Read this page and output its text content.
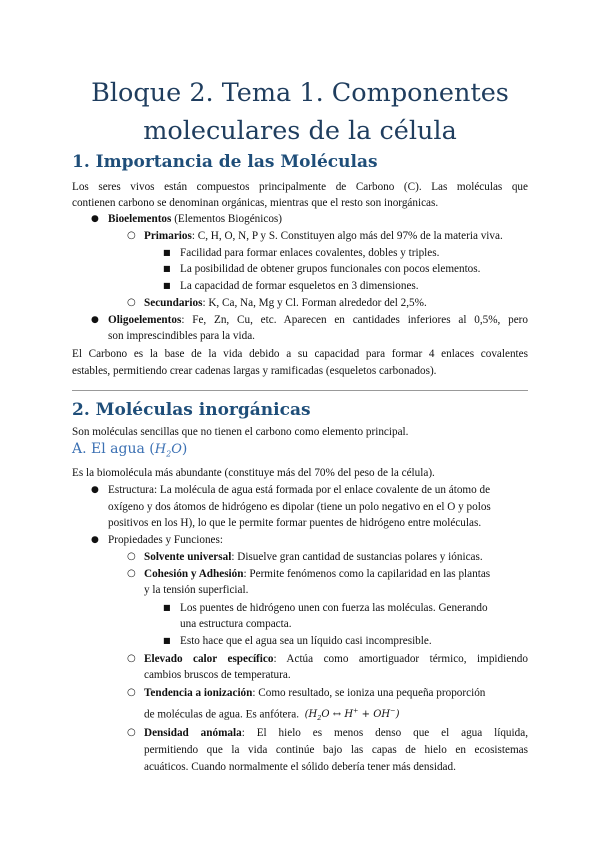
Bloque 2. Tema 1. Componentes
moleculares de la célula
1. Importancia de las Moléculas
Los seres vivos están compuestos principalmente de Carbono (C). Las moléculas que
contienen carbono se denominan orgánicas, mientras que el resto son inorgánicas.
● Bioelementos (Elementos Biogénicos)
○ Primarios: C, H, O, N, P y S. Constituyen algo más del 97% de la materia viva.
■ Facilidad para formar enlaces covalentes, dobles y triples.
■ La posibilidad de obtener grupos funcionales con pocos elementos.
■ La capacidad de formar esqueletos en 3 dimensiones.
○ Secundarios: K, Ca, Na, Mg y Cl. Forman alrededor del 2,5%.
● Oligoelementos: Fe, Zn, Cu, etc. Aparecen en cantidades inferiores al 0,5%, pero
son imprescindibles para la vida.
El Carbono es la base de la vida debido a su capacidad para formar 4 enlaces covalentes
estables, permitiendo crear cadenas largas y ramificadas (esqueletos carbonados).
2. Moléculas inorgánicas
Son moléculas sencillas que no tienen el carbono como elemento principal.
A. El agua $(H_2O)$
Es la biomolécula más abundante (constituye más del 70% del peso de la célula).
● Estructura: La molécula de agua está formada por el enlace covalente de un átomo de
oxígeno y dos átomos de hidrógeno es dipolar (tiene un polo negativo en el O y polos
positivos en los H), lo que le permite formar puentes de hidrógeno entre moléculas.
● Propiedades y Funciones:
○ Solvente universal: Disuelve gran cantidad de sustancias polares y iónicas.
○ Cohesión y Adhesión: Permite fenómenos como la capilaridad en las plantas
y la tensión superficial.
■ Los puentes de hidrógeno unen con fuerza las moléculas. Generando
una estructura compacta.
■ Esto hace que el agua sea un líquido casi incompresible.
○ Elevado calor específico: Actúa como amortiguador térmico, impidiendo
cambios bruscos de temperatura.
○ Tendencia a ionización: Como resultado, se ioniza una pequeña proporción
de moléculas de agua. Es anfótera. ($H_2O$ ↔ H+ + OH−)
○ Densidad anómala: El hielo es menos denso que el agua líquida,
permitiendo que la vida continúe bajo las capas de hielo en ecosistemas
acuáticos. Cuando normalmente el sólido debería tener más densidad.
